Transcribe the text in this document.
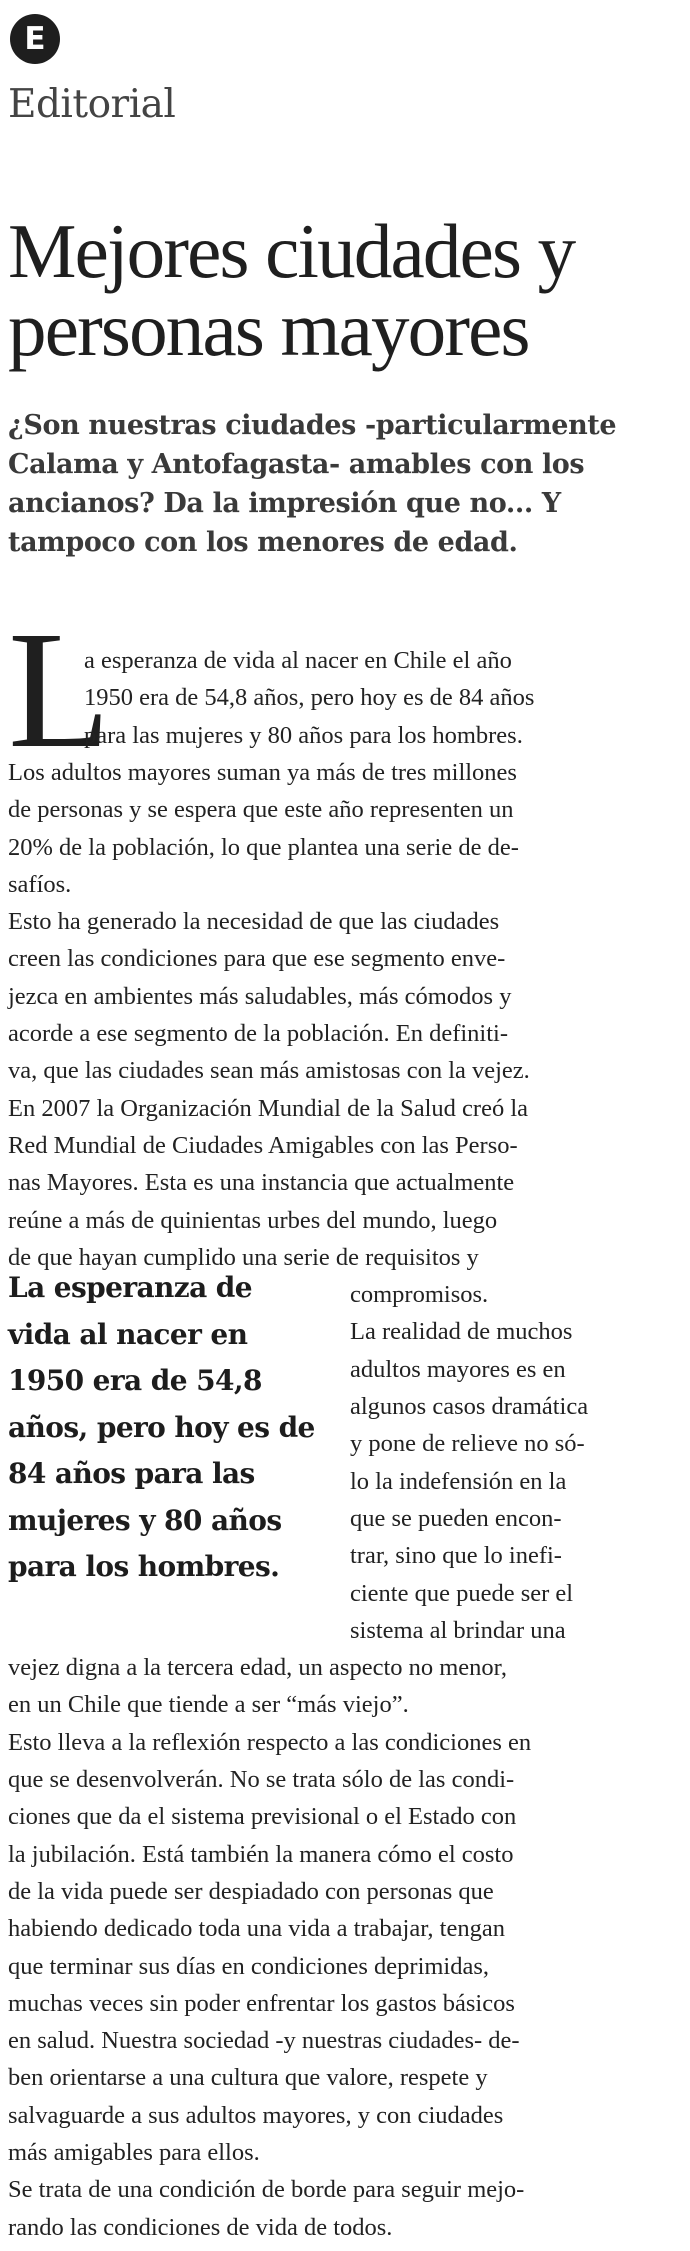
E
Editorial
Mejores ciudades y
personas mayores

¿Son nuestras ciudades -particularmente
Calama y Antofagasta- amables con los
ancianos? Da la impresión que no... Y
tampoco con los menores de edad.

L
a esperanza de vida al nacer en Chile el año
1950 era de 54,8 años, pero hoy es de 84 años
para las mujeres y 80 años para los hombres.
Los adultos mayores suman ya más de tres millones
de personas y se espera que este año representen un
20% de la población, lo que plantea una serie de de-
safíos.
Esto ha generado la necesidad de que las ciudades
creen las condiciones para que ese segmento enve-
jezca en ambientes más saludables, más cómodos y
acorde a ese segmento de la población. En definiti-
va, que las ciudades sean más amistosas con la vejez.
En 2007 la Organización Mundial de la Salud creó la
Red Mundial de Ciudades Amigables con las Perso-
nas Mayores. Esta es una instancia que actualmente
reúne a más de quinientas urbes del mundo, luego
de que hayan cumplido una serie de requisitos y
compromisos.
La realidad de muchos
adultos mayores es en
algunos casos dramática
y pone de relieve no só-
lo la indefensión en la
que se pueden encon-
trar, sino que lo inefi-
ciente que puede ser el
sistema al brindar una
vejez digna a la tercera edad, un aspecto no menor,
en un Chile que tiende a ser “más viejo”.
Esto lleva a la reflexión respecto a las condiciones en
que se desenvolverán. No se trata sólo de las condi-
ciones que da el sistema previsional o el Estado con
la jubilación. Está también la manera cómo el costo
de la vida puede ser despiadado con personas que
habiendo dedicado toda una vida a trabajar, tengan
que terminar sus días en condiciones deprimidas,
muchas veces sin poder enfrentar los gastos básicos
en salud. Nuestra sociedad -y nuestras ciudades- de-
ben orientarse a una cultura que valore, respete y
salvaguarde a sus adultos mayores, y con ciudades
más amigables para ellos.
Se trata de una condición de borde para seguir mejo-
rando las condiciones de vida de todos.

La esperanza de
vida al nacer en
1950 era de 54,8
años, pero hoy es de
84 años para las
mujeres y 80 años
para los hombres.
